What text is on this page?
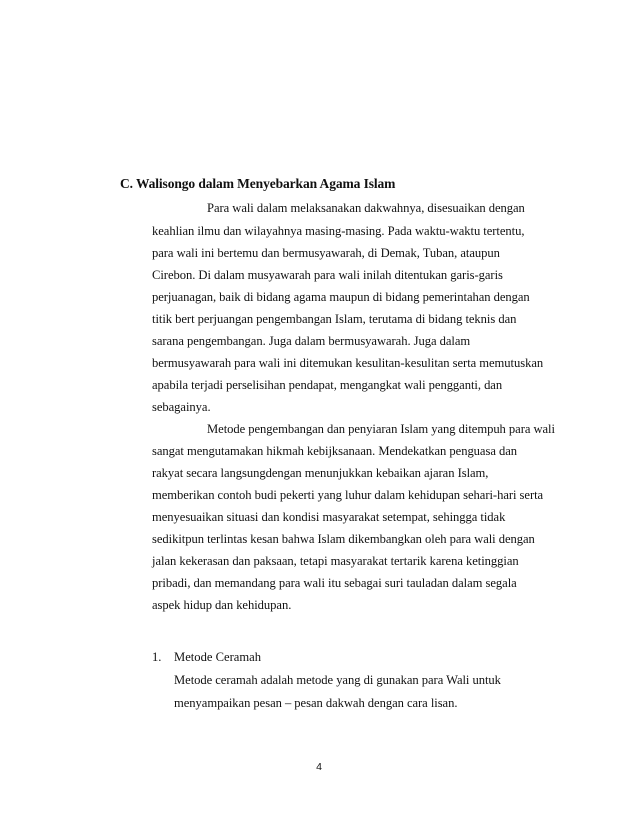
C. Walisongo dalam Menyebarkan Agama Islam
Para wali dalam melaksanakan dakwahnya, disesuaikan dengan
keahlian ilmu dan wilayahnya masing-masing. Pada waktu-waktu tertentu,
para wali ini bertemu dan bermusyawarah, di Demak, Tuban, ataupun
Cirebon. Di dalam musyawarah para wali inilah ditentukan garis-garis
perjuanagan, baik di bidang agama maupun di bidang pemerintahan dengan
titik bert perjuangan pengembangan Islam, terutama di bidang teknis dan
sarana pengembangan. Juga dalam bermusyawarah. Juga dalam
bermusyawarah para wali ini ditemukan kesulitan-kesulitan serta memutuskan
apabila terjadi perselisihan pendapat, mengangkat wali pengganti, dan
sebagainya.
Metode pengembangan dan penyiaran Islam yang ditempuh para wali
sangat mengutamakan hikmah kebijksanaan. Mendekatkan penguasa dan
rakyat secara langsungdengan menunjukkan kebaikan ajaran Islam,
memberikan contoh budi pekerti yang luhur dalam kehidupan sehari-hari serta
menyesuaikan situasi dan kondisi masyarakat setempat, sehingga tidak
sedikitpun terlintas kesan bahwa Islam dikembangkan oleh para wali dengan
jalan kekerasan dan paksaan, tetapi masyarakat tertarik karena ketinggian
pribadi, dan memandang para wali itu sebagai suri tauladan dalam segala
aspek hidup dan kehidupan.
1. Metode Ceramah
Metode ceramah adalah metode yang di gunakan para Wali untuk
menyampaikan pesan – pesan dakwah dengan cara lisan.
4
